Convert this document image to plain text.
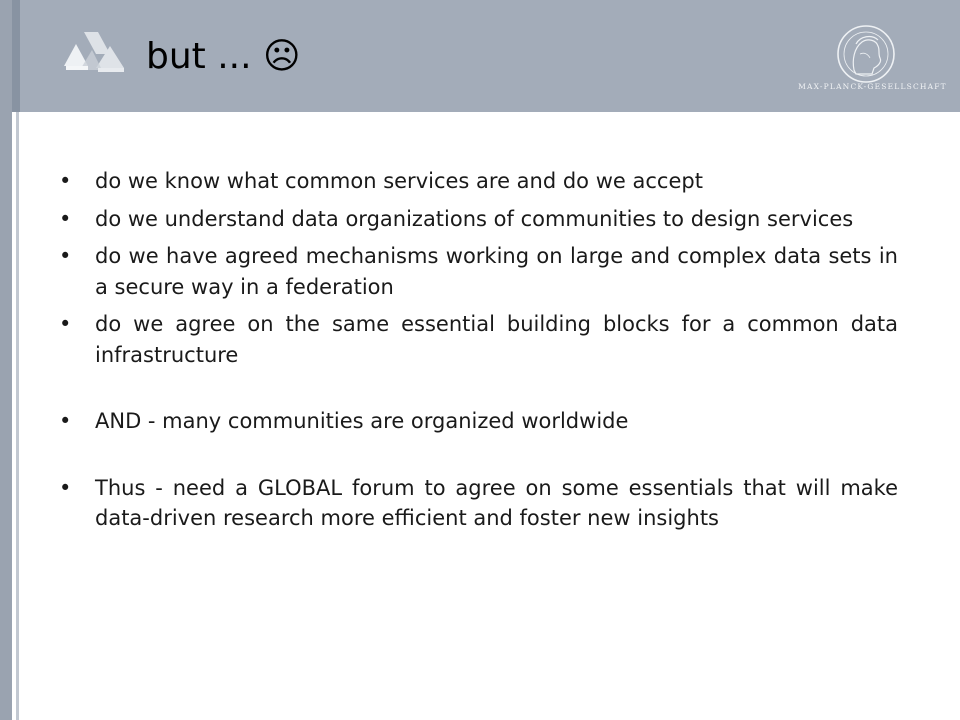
but ... ☹
MAX-PLANCK-GESELLSCHAFT
• do we know what common services are and do we accept
• do we understand data organizations of communities to design services
• do we have agreed mechanisms working on large and complex data sets in a secure way in a federation
• do we agree on the same essential building blocks for a common data infrastructure
• AND - many communities are organized worldwide
• Thus - need a GLOBAL forum to agree on some essentials that will make data-driven research more efficient and foster new insights
